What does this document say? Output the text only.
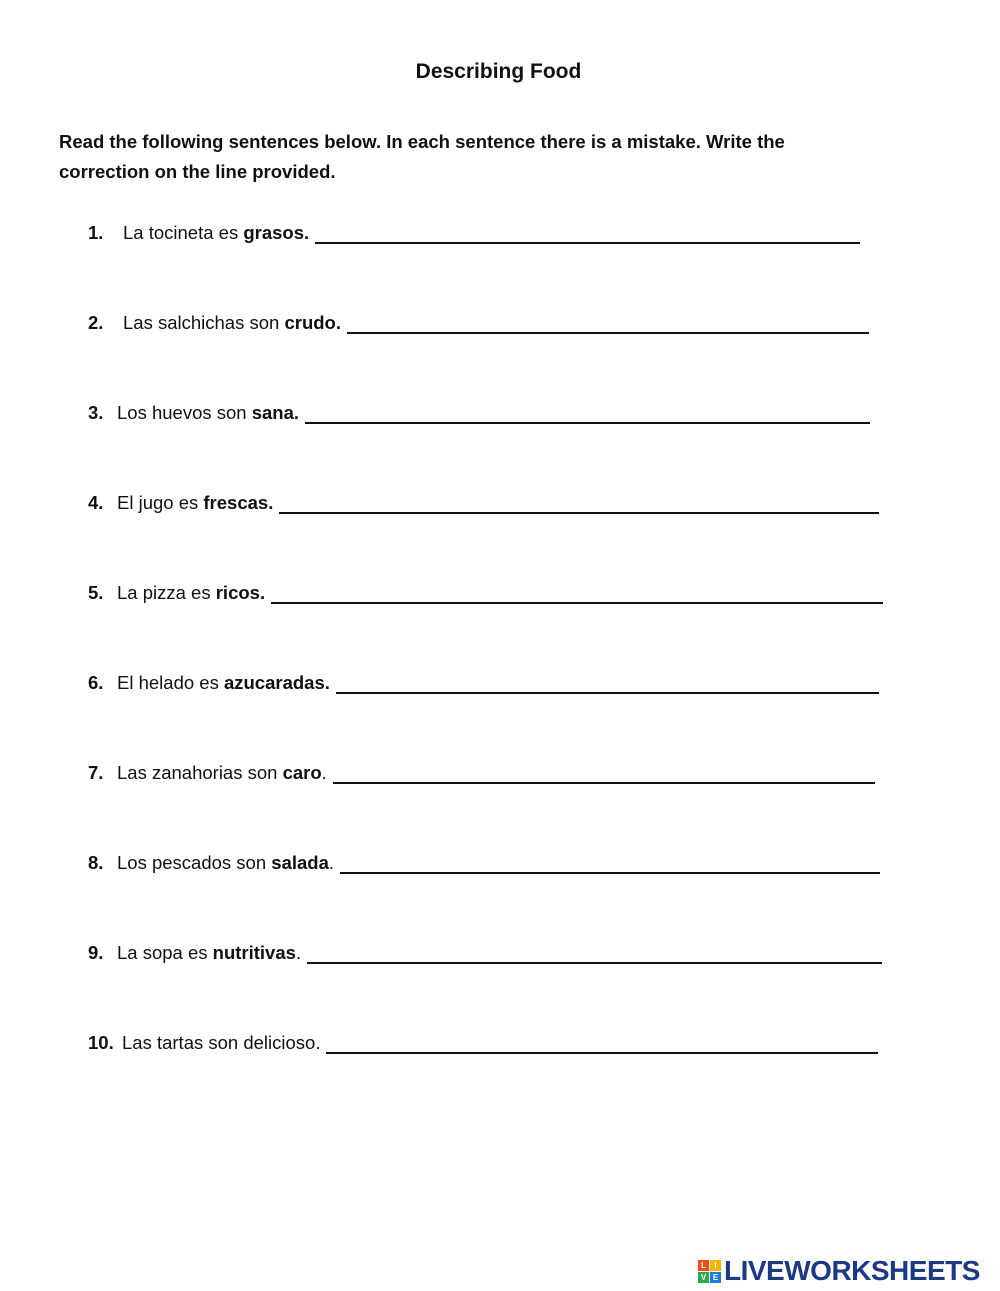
Describing Food
Read the following sentences below. In each sentence there is a mistake. Write the correction on the line provided.
1.	La tocineta es grasos.
2.	Las salchichas son crudo.
3. Los huevos son sana.
4. El jugo es frescas.
5. La pizza es ricos.
6. El helado es azucaradas.
7. Las zanahorias son caro.
8. Los pescados son salada.
9. La sopa es nutritivas.
10. Las tartas son delicioso.
L	I
V E LIVEWORKSHEETS
